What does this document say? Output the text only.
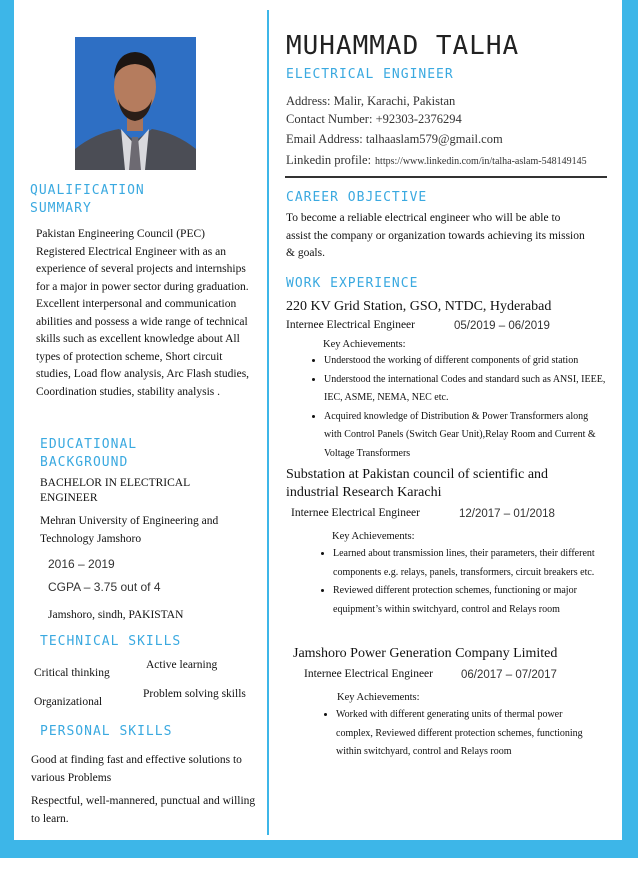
MUHAMMAD TALHA
ELECTRICAL ENGINEER
Address: Malir, Karachi, Pakistan
Contact Number: +92303-2376294
Email Address: talhaaslam579@gmail.com
Linkedin profile: https://www.linkedin.com/in/talha-aslam-548149145
QUALIFICATION
SUMMARY
Pakistan Engineering Council (PEC) Registered Electrical Engineer with as an experience of several projects and internships for a major in power sector during graduation. Excellent interpersonal and communication abilities and possess a wide range of technical skills such as excellent knowledge about All types of protection scheme, Short circuit studies, Load flow analysis, Arc Flash studies, Coordination studies, stability analysis .
EDUCATIONAL
BACKGROUND
BACHELOR IN ELECTRICAL ENGINEER
Mehran University of Engineering and Technology Jamshoro
2016 – 2019
CGPA – 3.75 out of 4
Jamshoro, sindh, PAKISTAN
TECHNICAL SKILLS
Critical thinking
Active learning
Organizational
Problem solving skills
PERSONAL SKILLS
Good at finding fast and effective solutions to various Problems
Respectful, well-mannered, punctual and willing to learn.
CAREER OBJECTIVE
To become a reliable electrical engineer who will be able to assist the company or organization towards achieving its mission & goals.
WORK EXPERIENCE
220 KV Grid Station, GSO, NTDC, Hyderabad
Internee Electrical Engineer	05/2019 – 06/2019
Key Achievements:
• Understood the working of different components of grid station
• Understood the international Codes and standard such as ANSI, IEEE, IEC, ASME, NEMA, NEC etc.
• Acquired knowledge of Distribution & Power Transformers along with Control Panels (Switch Gear Unit),Relay Room and Current & Voltage Transformers
Substation at Pakistan council of scientific and industrial Research Karachi
Internee Electrical Engineer	12/2017 – 01/2018
Key Achievements:
• Learned about transmission lines, their parameters, their different components e.g. relays, panels, transformers, circuit breakers etc.
• Reviewed different protection schemes, functioning or major equipment’s within switchyard, control and Relays room
Jamshoro Power Generation Company Limited
Internee Electrical Engineer 06/2017 – 07/2017
Key Achievements:
• Worked with different generating units of thermal power complex, Reviewed different protection schemes, functioning within switchyard, control and Relays room
